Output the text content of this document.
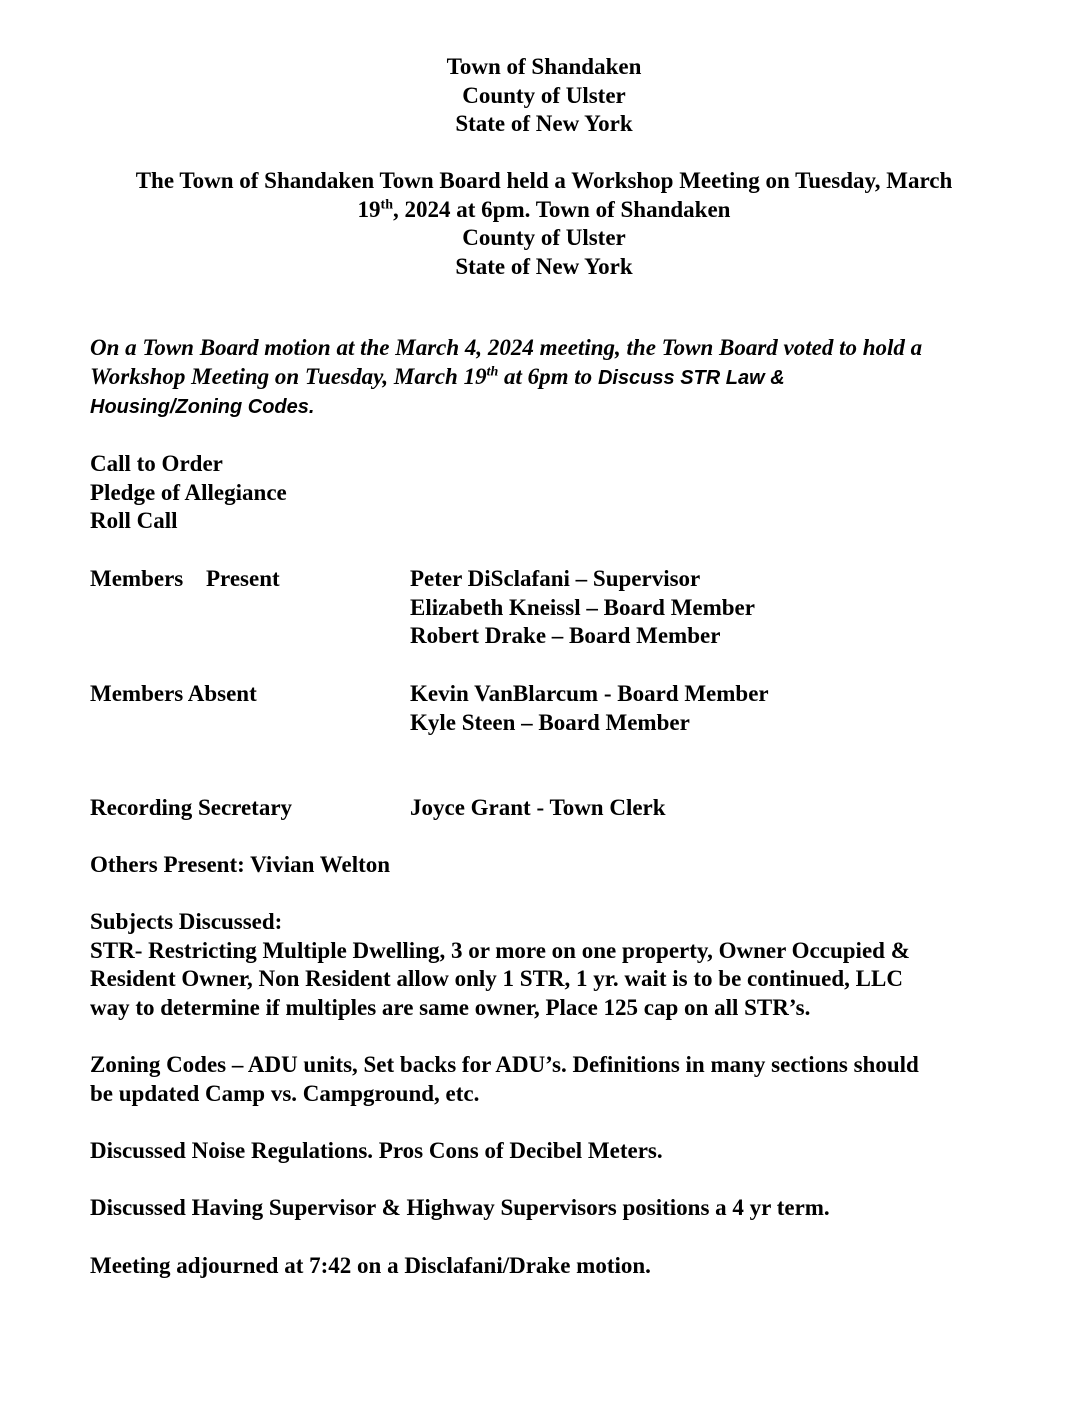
Town of Shandaken

County of Ulster

State of New York

The Town of Shandaken Town Board held a Workshop Meeting on Tuesday, March

19th, 2024 at 6pm. Town of Shandaken

County of Ulster

State of New York

On a Town Board motion at the March 4, 2024 meeting, the Town Board voted to hold a

Workshop Meeting on Tuesday, March 19th at 6pm to Discuss STR Law &

Housing/Zoning Codes.

Call to Order

Pledge of Allegiance

Roll Call

Members Present	Peter DiSclafani – Supervisor
Elizabeth Kneissl – Board Member
Robert Drake – Board Member
Members Absent	Kevin VanBlarcum - Board Member
Kyle Steen – Board Member
Recording Secretary	Joyce Grant - Town Clerk
Others Present: Vivian Welton

Subjects Discussed:

STR- Restricting Multiple Dwelling, 3 or more on one property, Owner Occupied &

Resident Owner, Non Resident allow only 1 STR, 1 yr. wait is to be continued, LLC

way to determine if multiples are same owner, Place 125 cap on all STR’s.

Zoning Codes – ADU units, Set backs for ADU’s. Definitions in many sections should

be updated Camp vs. Campground, etc.

Discussed Noise Regulations. Pros Cons of Decibel Meters.
Discussed Having Supervisor & Highway Supervisors positions a 4 yr term.
Meeting adjourned at 7:42 on a Disclafani/Drake motion.
